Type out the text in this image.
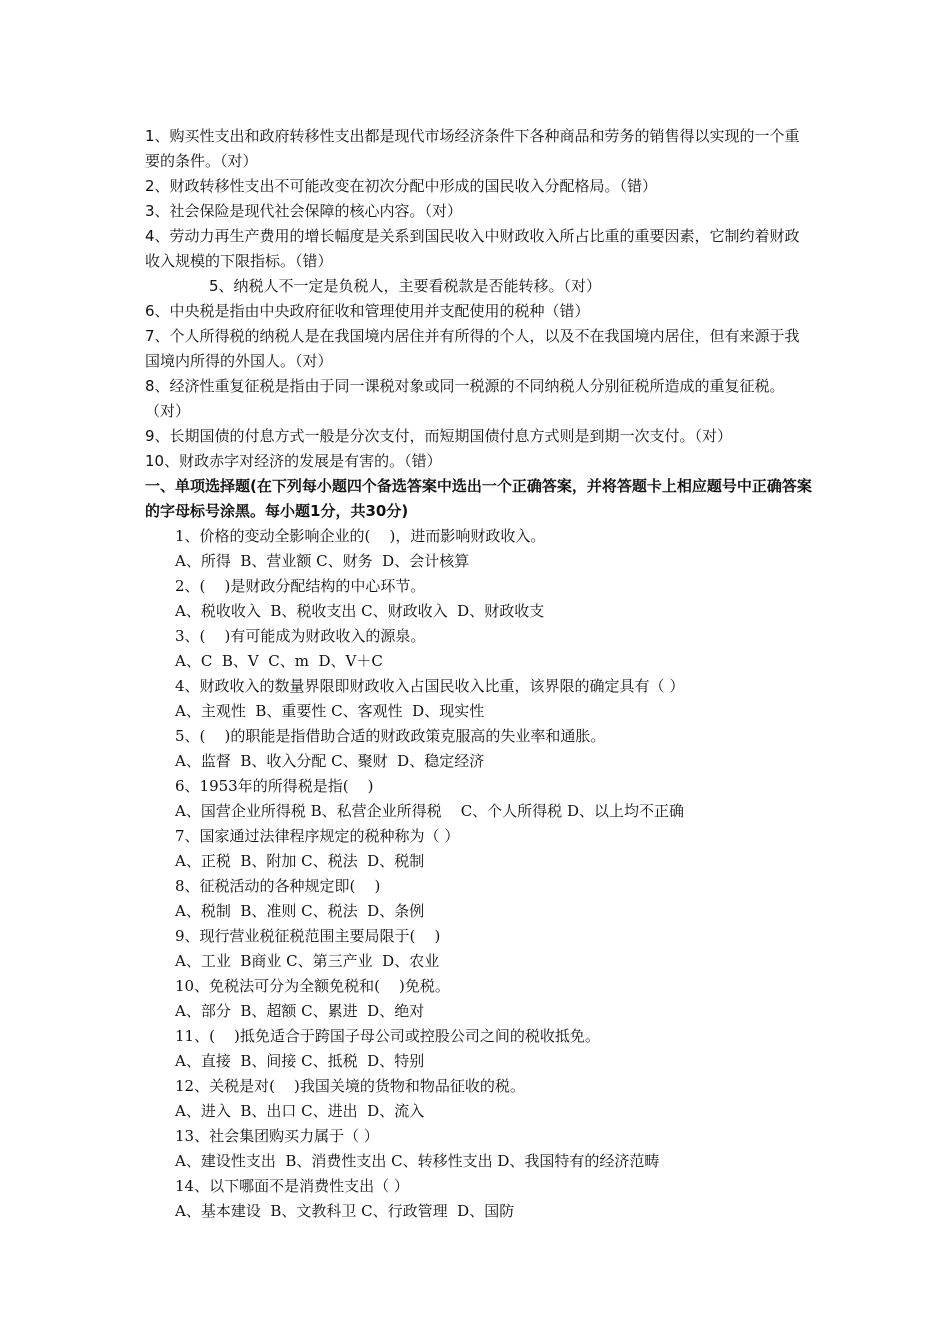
1、购买性支出和政府转移性支出都是现代市场经济条件下各种商品和劳务的销售得以实现的一个重要的条件。（对）

2、财政转移性支出不可能改变在初次分配中形成的国民收入分配格局。（错）

3、社会保险是现代社会保障的核心内容。（对）

4、劳动力再生产费用的增长幅度是关系到国民收入中财政收入所占比重的重要因素，它制约着财政收入规模的下限指标。（错）

5、纳税人不一定是负税人，主要看税款是否能转移。（对）

6、中央税是指由中央政府征收和管理使用并支配使用的税种（错）

7、个人所得税的纳税人是在我国境内居住并有所得的个人，以及不在我国境内居住，但有来源于我国境内所得的外国人。（对）

8、经济性重复征税是指由于同一课税对象或同一税源的不同纳税人分别征税所造成的重复征税。（对）

9、长期国债的付息方式一般是分次支付，而短期国债付息方式则是到期一次支付。（对）

10、财政赤字对经济的发展是有害的。（错）

一、单项选择题(在下列每小题四个备选答案中选出一个正确答案，并将答题卡上相应题号中正确答案的字母标号涂黑。每小题1分，共30分)

1、价格的变动全影响企业的(    )，进而影响财政收入。

A、所得  B、营业额 C、财务  D、会计核算

2、(    )是财政分配结构的中心环节。

A、税收收入  B、税收支出 C、财政收入  D、财政收支

3、(    )有可能成为财政收入的源泉。

A、C  B、V  C、m  D、V＋C

4、财政收入的数量界限即财政收入占国民收入比重，该界限的确定具有（ ）

A、主观性  B、重要性 C、客观性  D、现实性

5、(    )的职能是指借助合适的财政政策克服高的失业率和通胀。

A、监督  B、收入分配 C、聚财  D、稳定经济

6、1953年的所得税是指(    )

A、国营企业所得税 B、私营企业所得税    C、个人所得税 D、以上均不正确

7、国家通过法律程序规定的税种称为（ ）

A、正税  B、附加 C、税法  D、税制

8、征税活动的各种规定即(    )

A、税制  B、准则 C、税法  D、条例

9、现行营业税征税范围主要局限于(    )

A、工业  B商业 C、第三产业  D、农业

10、免税法可分为全额免税和(    )免税。

A、部分  B、超额 C、累进  D、绝对

11、(    )抵免适合于跨国子母公司或控股公司之间的税收抵免。

A、直接  B、间接 C、抵税  D、特别

12、关税是对(    )我国关境的货物和物品征收的税。

A、进入  B、出口 C、进出  D、流入

13、社会集团购买力属于（ ）

A、建设性支出  B、消费性支出 C、转移性支出 D、我国特有的经济范畴

14、以下哪面不是消费性支出（ ）

A、基本建设  B、文教科卫 C、行政管理  D、国防
